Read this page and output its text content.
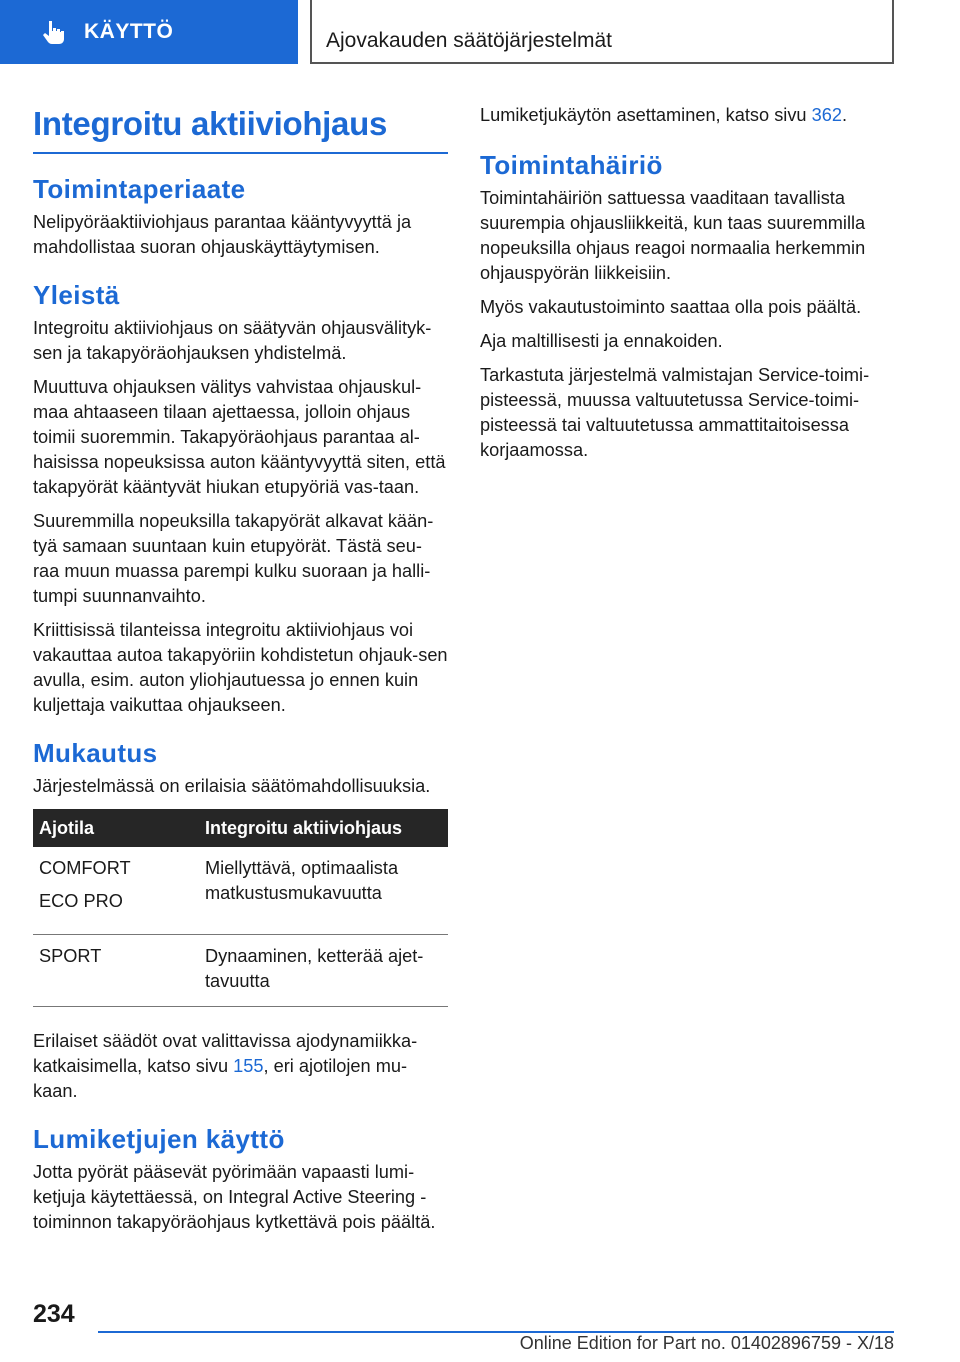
KÄYTTÖ	Ajovakauden säätöjärjestelmät
Integroitu aktiiviohjaus
Toimintaperiaate

Nelipyöräaktiiviohjaus parantaa kääntyvyyttä ja mahdollistaa suoran ohjauskäyttäytymisen.

Yleistä

Integroitu aktiiviohjaus on säätyvän ohjausvälityk-sen ja takapyöräohjauksen yhdistelmä.

Muuttuva ohjauksen välitys vahvistaa ohjauskul-maa ahtaaseen tilaan ajettaessa, jolloin ohjaus toimii suoremmin. Takapyöräohjaus parantaa al-haisissa nopeuksissa auton kääntyvyyttä siten, että takapyörät kääntyvät hiukan etupyöriä vas-taan.

Suuremmilla nopeuksilla takapyörät alkavat kään-tyä samaan suuntaan kuin etupyörät. Tästä seu-raa muun muassa parempi kulku suoraan ja halli-tumpi suunnanvaihto.

Kriittisissä tilanteissa integroitu aktiiviohjaus voi vakauttaa autoa takapyöriin kohdistetun ohjauk-sen avulla, esim. auton yliohjautuessa jo ennen kuin kuljettaja vaikuttaa ohjaukseen.

Mukautus

Järjestelmässä on erilaisia säätömahdollisuuksia.

Ajotila	Integroitu aktiiviohjaus

COMFORT
ECO PRO	Miellyttävä, optimaalista matkustusmukavuutta

SPORT	Dynaaminen, ketterää ajet-tavuutta

Erilaiset säädöt ovat valittavissa ajodynamiikka-katkaisimella, katso sivu 155, eri ajotilojen mu-kaan.

Lumiketjujen käyttö

Jotta pyörät pääsevät pyörimään vapaasti lumi-ketjuja käytettäessä, on Integral Active Steering -toiminnon takapyöräohjaus kytkettävä pois päältä.

Lumiketjukäytön asettaminen, katso sivu 362.

Toimintahäiriö

Toimintahäiriön sattuessa vaaditaan tavallista suurempia ohjausliikkeitä, kun taas suuremmilla nopeuksilla ohjaus reagoi normaalia herkemmin ohjauspyörän liikkeisiin.

Myös vakautustoiminto saattaa olla pois päältä.

Aja maltillisesti ja ennakoiden.

Tarkastuta järjestelmä valmistajan Service-toimi-pisteessä, muussa valtuutetussa Service-toimi-pisteessä tai valtuutetussa ammattitaitoisessa korjaamossa.

234
Online Edition for Part no. 01402896759 - X/18
